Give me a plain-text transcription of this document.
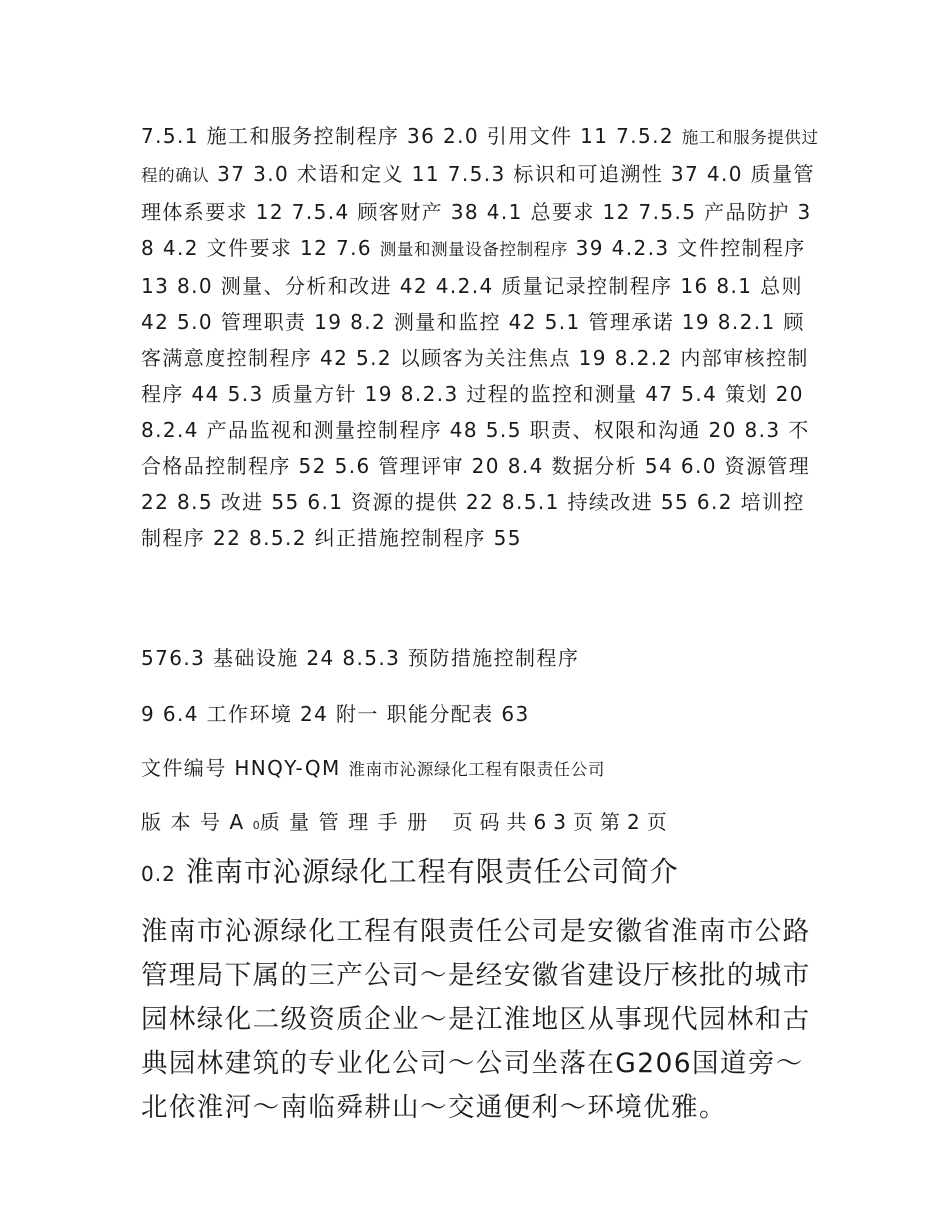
7.5.1 施工和服务控制程序 36 2.0 引用文件 11 7.5.2 施工和服务提供过程的确认 37 3.0 术语和定义 11 7.5.3 标识和可追溯性 37 4.0 质量管理体系要求 12 7.5.4 顾客财产 38 4.1 总要求 12 7.5.5 产品防护 38 4.2 文件要求 12 7.6 测量和测量设备控制程序 39 4.2.3 文件控制程序 13 8.0 测量、分析和改进 42 4.2.4 质量记录控制程序 16 8.1 总则 42 5.0 管理职责 19 8.2 测量和监控 42 5.1 管理承诺 19 8.2.1 顾客满意度控制程序 42 5.2 以顾客为关注焦点 19 8.2.2 内部审核控制程序 44 5.3 质量方针 19 8.2.3 过程的监控和测量 47 5.4 策划 20 8.2.4 产品监视和测量控制程序 48 5.5 职责、权限和沟通 20 8.3 不合格品控制程序 52 5.6 管理评审 20 8.4 数据分析 54 6.0 资源管理 22 8.5 改进 55 6.1 资源的提供 22 8.5.1 持续改进 55 6.2 培训控制程序 22 8.5.2 纠正措施控制程序 55
576.3 基础设施 24 8.5.3 预防措施控制程序
9 6.4 工作环境 24 附一 职能分配表 63
文件编号 HNQY-QM 淮南市沁源绿化工程有限责任公司
版本号A0质量管理手册 页码共63页第2页
0.2 淮南市沁源绿化工程有限责任公司简介
淮南市沁源绿化工程有限责任公司是安徽省淮南市公路管理局下属的三产公司～是经安徽省建设厅核批的城市园林绿化二级资质企业～是江淮地区从事现代园林和古典园林建筑的专业化公司～公司坐落在G206国道旁～北依淮河～南临舜耕山～交通便利～环境优雅。
